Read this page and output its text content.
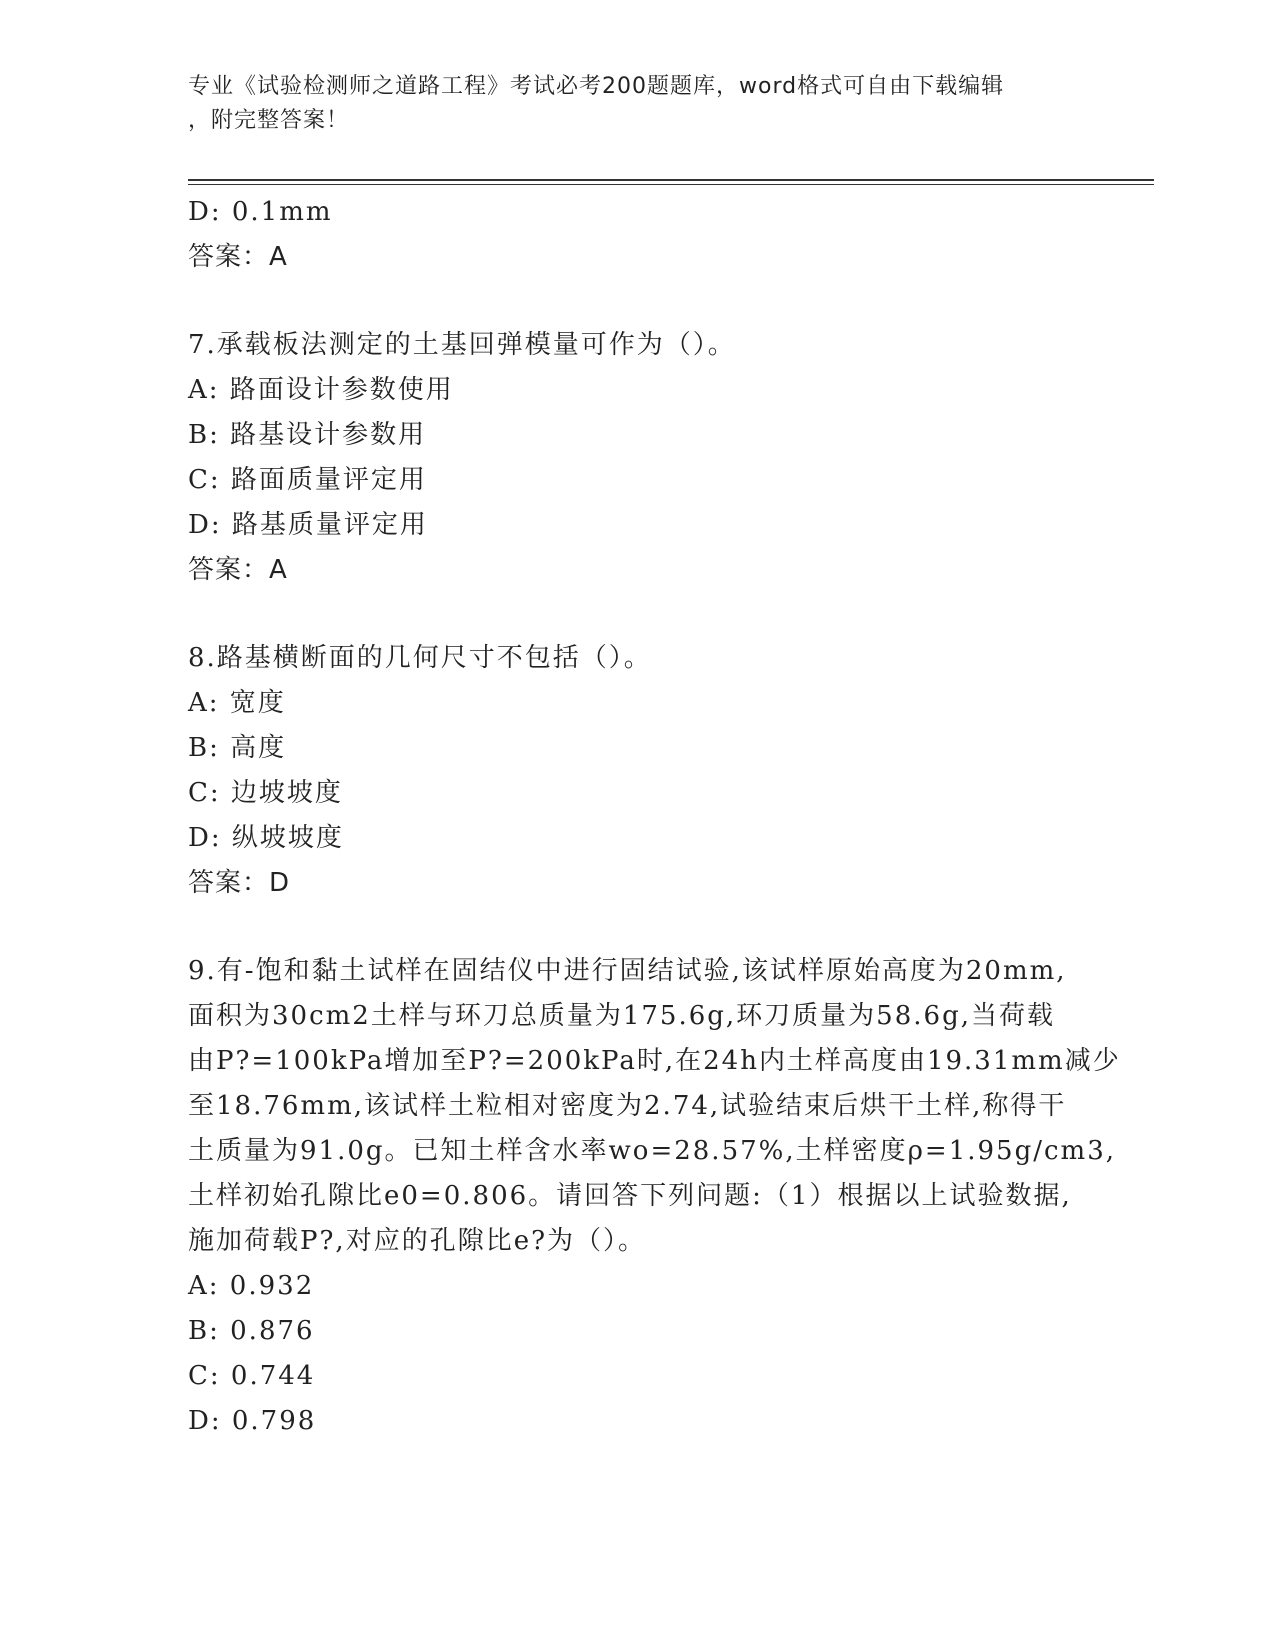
专业《试验检测师之道路工程》考试必考200题题库，word格式可自由下载编辑
，附完整答案！
D: 0.1mm
答案：A
7.承载板法测定的土基回弹模量可作为（）。
A: 路面设计参数使用
B: 路基设计参数用
C: 路面质量评定用
D: 路基质量评定用
答案：A
8.路基横断面的几何尺寸不包括（）。
A: 宽度
B: 高度
C: 边坡坡度
D: 纵坡坡度
答案：D
9.有-饱和黏土试样在固结仪中进行固结试验,该试样原始高度为20mm,
面积为30cm2土样与环刀总质量为175.6g,环刀质量为58.6g,当荷载
由P?=100kPa增加至P?=200kPa时,在24h内土样高度由19.31mm减少
至18.76mm,该试样土粒相对密度为2.74,试验结束后烘干土样,称得干
土质量为91.0g。已知土样含水率wo=28.57%,土样密度ρ=1.95g/cm3,
土样初始孔隙比e0=0.806。请回答下列问题:（1）根据以上试验数据,
施加荷载P?,对应的孔隙比e?为（）。
A: 0.932
B: 0.876
C: 0.744
D: 0.798
